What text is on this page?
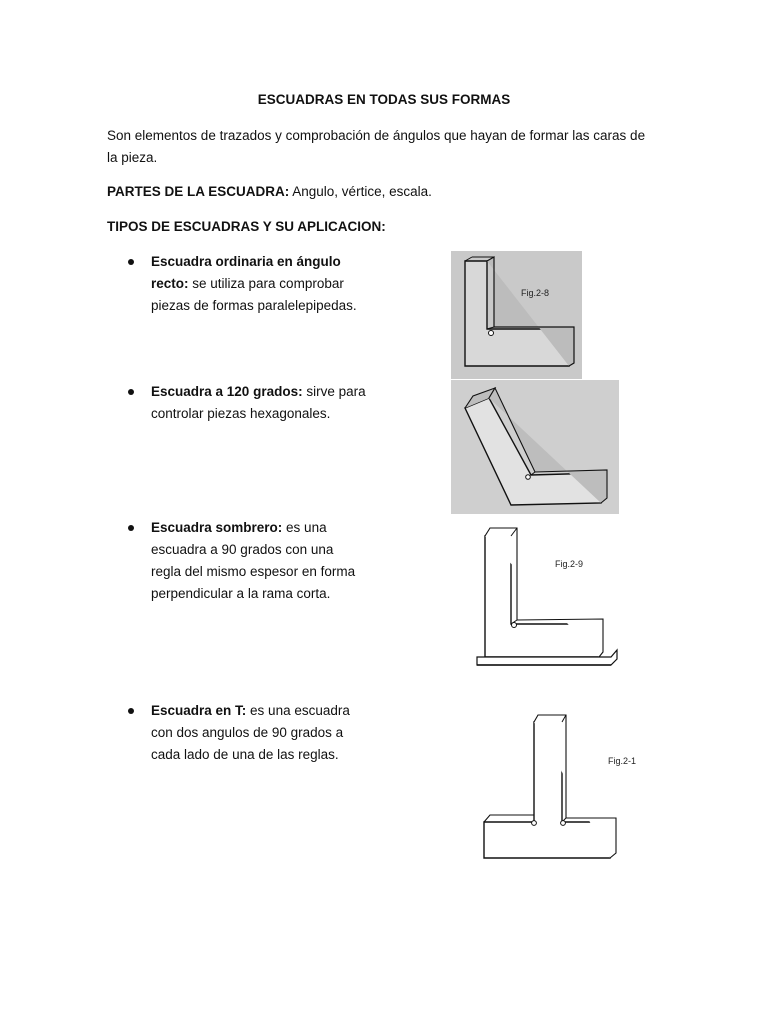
ESCUADRAS EN TODAS SUS FORMAS
Son elementos de trazados y comprobación de ángulos que hayan de formar las caras de
la pieza.
PARTES DE LA ESCUADRA: Angulo, vértice, escala.
TIPOS DE ESCUADRAS Y SU APLICACION:
Escuadra ordinaria en ángulo
recto: se utiliza para comprobar
piezas de formas paralelepipedas.
Escuadra a 120 grados: sirve para
controlar piezas hexagonales.
Escuadra sombrero: es una
escuadra a 90 grados con una
regla del mismo espesor en forma
perpendicular a la rama corta.
Escuadra en T: es una escuadra
con dos angulos de 90 grados a
cada lado de una de las reglas.
Fig.2-8
Fig.2-9
Fig.2-1
